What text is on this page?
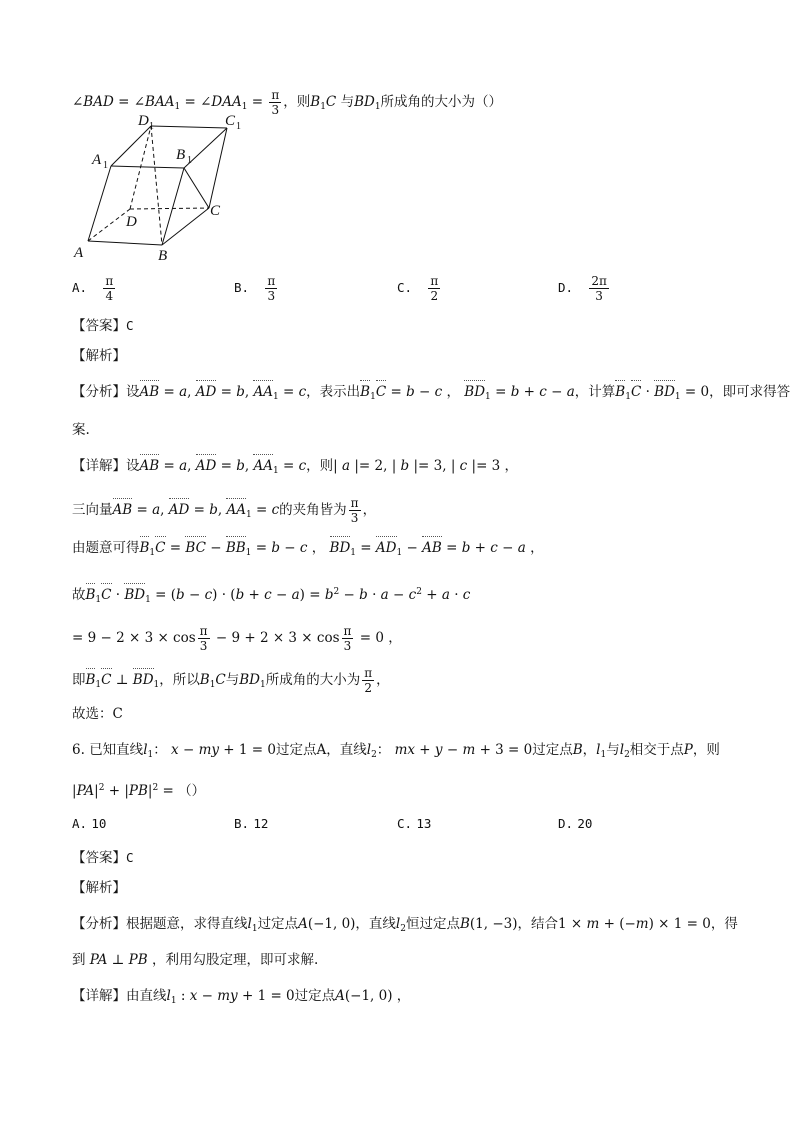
∠BAD = $\angle BAA_1$ = $\angle DAA_1 = \frac{\pi}{3}$ ，则$B_1C$ 与$BD_1$所成角的大小为（）
D 1	C 1
A 1
B 1
D
C
A	B
A. $\frac{\pi}{4}$	B. $\frac{\pi}{3}$	C. $\frac{\pi}{2}$	D. $\frac{2\pi}{3}$
【答案】C
【解析】
【分析】设AB = a, AD = b, $AA_1 = c$，表示出$B_1C = b - c$ ， $BD_1 = b + c - a$，计算$B_1C \cdot BD_1 = 0$，即可求得答
案.
【详解】设AB = a, AD = b, $AA_1 = c$，则| a |= 2, | b |= 3, | c |= 3 ，
三向量AB = a, AD = b, $AA_1 = c$的夹角皆为 $\frac{\pi}{3}$ ，
由题意可得$B_1C$ = BC − $BB_1 = b - c$ ， $BD_1 = AD_1$ − AB = b + c − a ，
故$B_1C \cdot BD_1 = (b - c) \cdot (b + c - a) = b^2 - b \cdot a - c^2 + a \cdot c$
= $9 - 2 \times 3 \times \cos \frac{\pi}{3} - 9 + 2 \times 3 \times \cos \frac{\pi}{3} = 0$ ，
即$B_1C$ ⊥ $BD_1$，所以$B_1C$与$BD_1$所成角的大小为 $\frac{\pi}{2}$ ，
故选：C
6. 已知直线$l_1$： x − my + 1 = 0过定点A，直线$l_2$： mx + y − m + 3 = 0过定点B，$l_1$与$l_2$相交于点P，则
$|PA|^2 + |PB|^2$ = （）
A. 10	B. 12	C. 13	D. 20
【答案】C
【解析】
【分析】根据题意，求得直线$l_1$过定点A(−1, 0)，直线$l_2$恒过定点B(1, −3)，结合1 × m + (−m) × 1 = 0，得
到 PA ⊥ PB ，利用勾股定理，即可求解.
【详解】由直线$l_1$ : x − my + 1 = 0过定点A(−1, 0) ，
